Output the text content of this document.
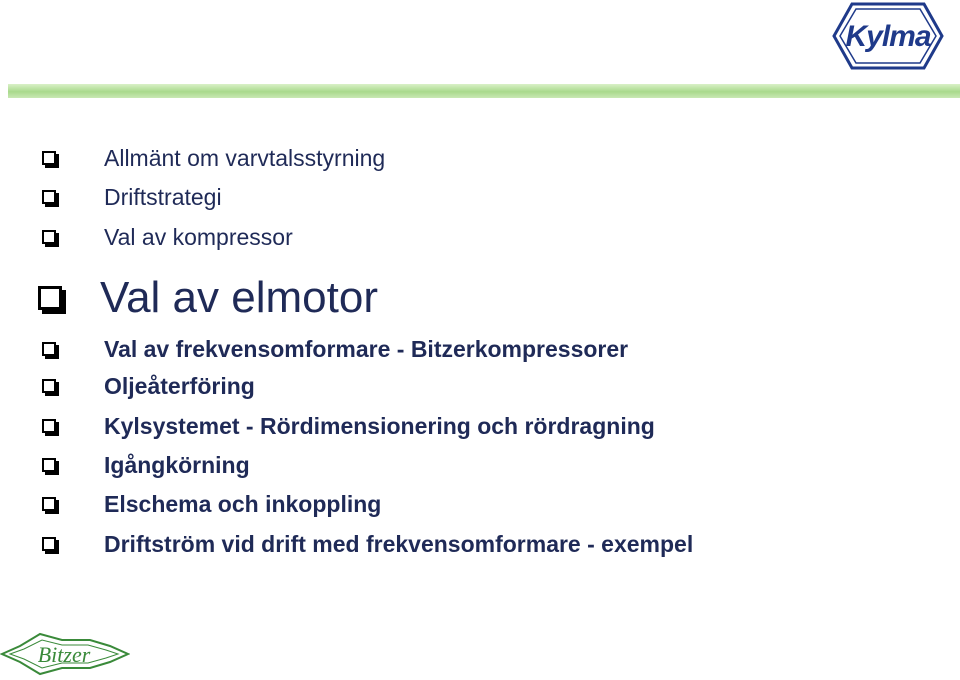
Kylma
Allmänt om varvtalsstyrning
Driftstrategi
Val av kompressor
Val av elmotor
Val av frekvensomformare - Bitzerkompressorer
Oljeåterföring
Kylsystemet - Rördimensionering och rördragning
Igångkörning
Elschema och inkoppling
Driftström vid drift med frekvensomformare - exempel
Bitzer
